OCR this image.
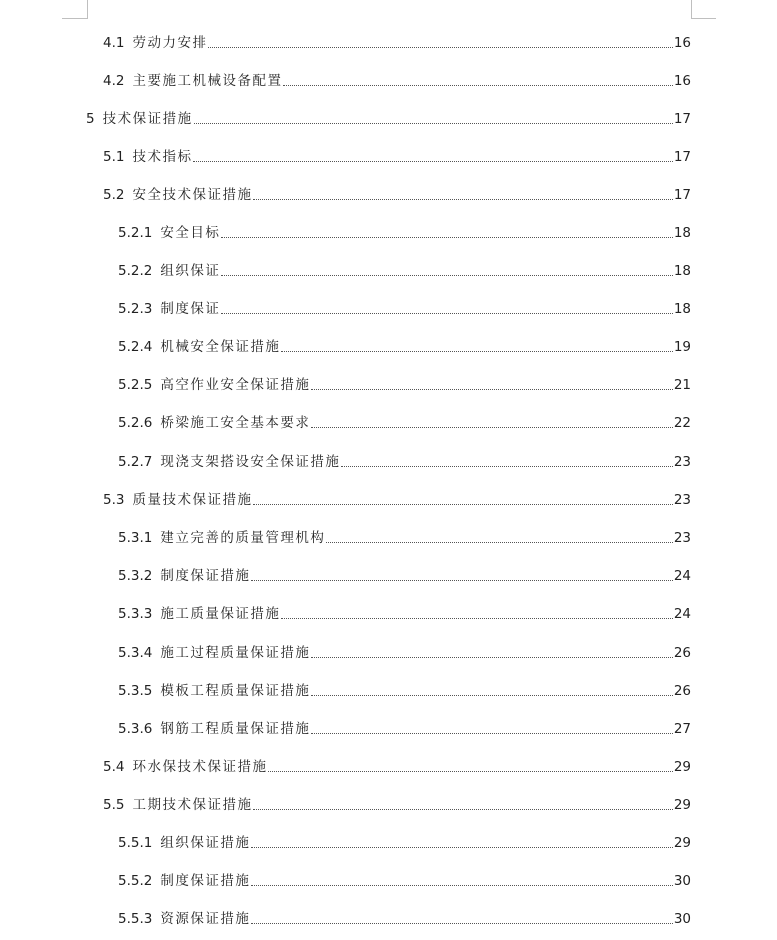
4.1 劳动力安排	16
4.2 主要施工机械设备配置	16
5 技术保证措施	17
5.1 技术指标	17
5.2 安全技术保证措施	17
5.2.1 安全目标	18
5.2.2 组织保证	18
5.2.3 制度保证	18
5.2.4 机械安全保证措施	19
5.2.5 高空作业安全保证措施	21
5.2.6 桥梁施工安全基本要求	22
5.2.7 现浇支架搭设安全保证措施	23
5.3 质量技术保证措施	23
5.3.1 建立完善的质量管理机构	23
5.3.2 制度保证措施	24
5.3.3 施工质量保证措施	24
5.3.4 施工过程质量保证措施	26
5.3.5 模板工程质量保证措施	26
5.3.6 钢筋工程质量保证措施	27
5.4 环水保技术保证措施	29
5.5 工期技术保证措施	29
5.5.1 组织保证措施	29
5.5.2 制度保证措施	30
5.5.3 资源保证措施	30
